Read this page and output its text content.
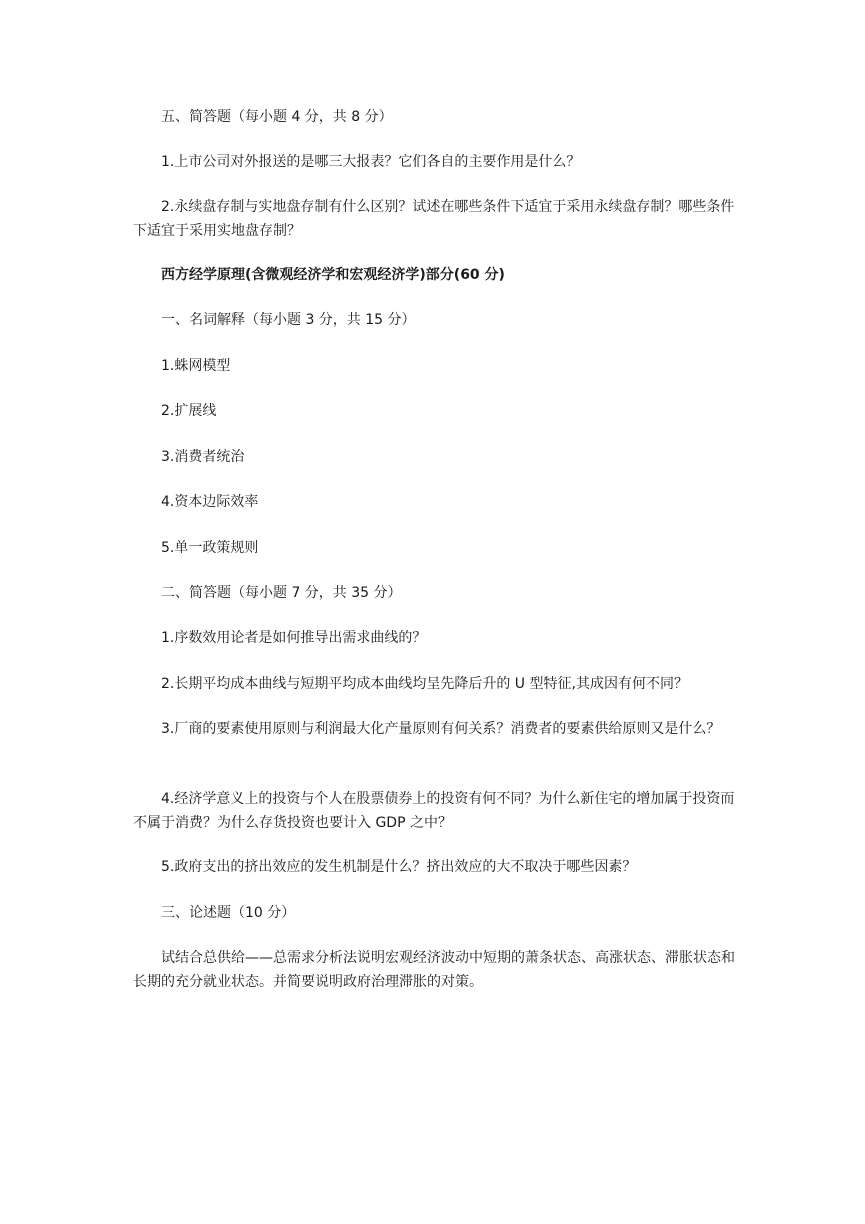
五、简答题（每小题 4 分，共 8 分）
1.上市公司对外报送的是哪三大报表？它们各自的主要作用是什么？
2.永续盘存制与实地盘存制有什么区别？试述在哪些条件下适宜于采用永续盘存制？哪些条件下适宜于采用实地盘存制？
西方经学原理(含微观经济学和宏观经济学)部分(60 分)
一、名词解释（每小题 3 分，共 15 分）
1.蛛网模型
2.扩展线
3.消费者统治
4.资本边际效率
5.单一政策规则
二、简答题（每小题 7 分，共 35 分）
1.序数效用论者是如何推导出需求曲线的？
2.长期平均成本曲线与短期平均成本曲线均呈先降后升的 U 型特征,其成因有何不同？
3.厂商的要素使用原则与利润最大化产量原则有何关系？消费者的要素供给原则又是什么？
4.经济学意义上的投资与个人在股票债券上的投资有何不同？为什么新住宅的增加属于投资而不属于消费？为什么存货投资也要计入 GDP 之中？
5.政府支出的挤出效应的发生机制是什么？挤出效应的大不取决于哪些因素？
三、论述题（10 分）
试结合总供给——总需求分析法说明宏观经济波动中短期的萧条状态、高涨状态、滞胀状态和长期的充分就业状态。并简要说明政府治理滞胀的对策。
